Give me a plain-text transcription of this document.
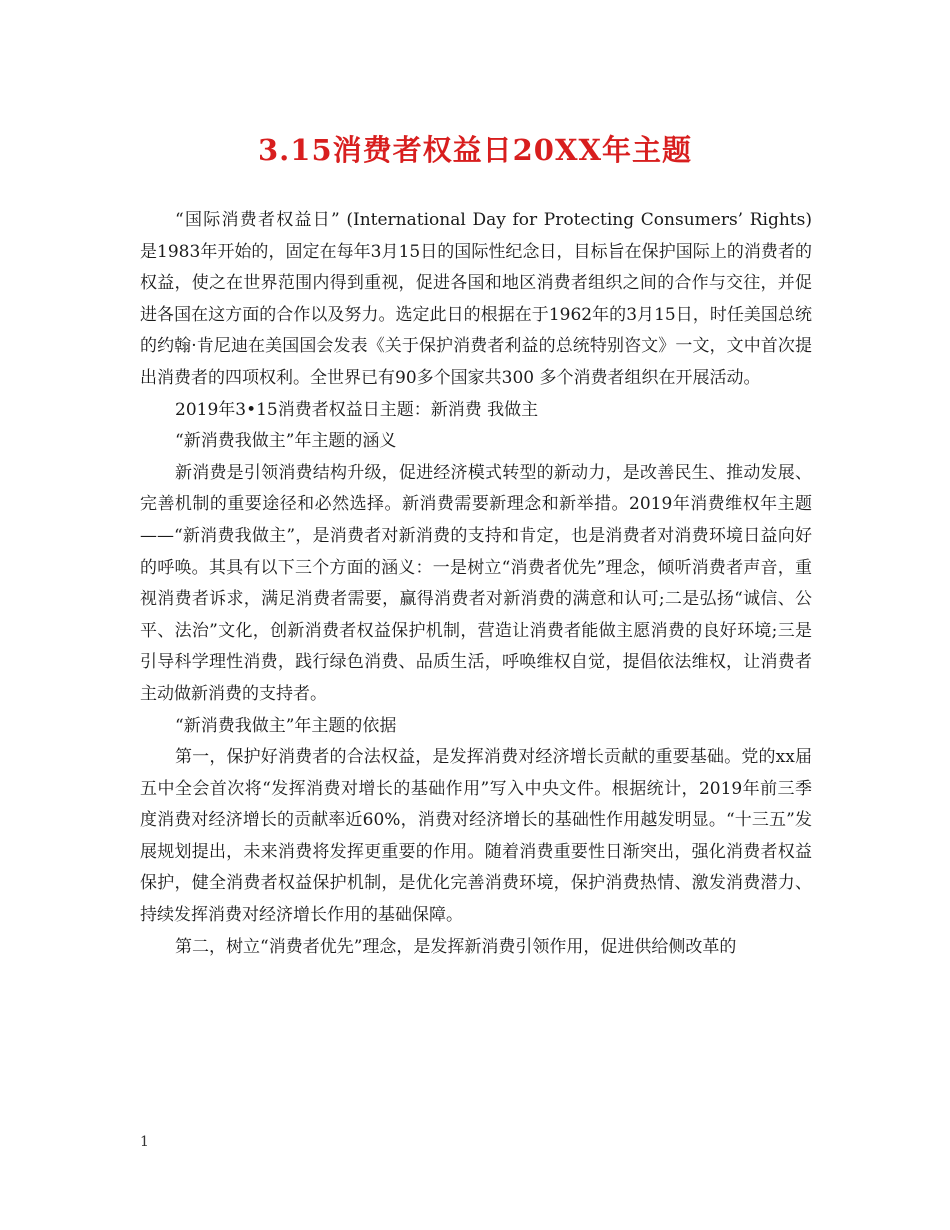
3.15消费者权益日20XX年主题

“国际消费者权益日” (International Day for Protecting Consumers’ Rights) 是1983年开始的，固定在每年3月15日的国际性纪念日，目标旨在保护国际上的消费者的权益，使之在世界范围内得到重视，促进各国和地区消费者组织之间的合作与交往，并促进各国在这方面的合作以及努力。选定此日的根据在于1962年的3月15日，时任美国总统的约翰·肯尼迪在美国国会发表《关于保护消费者利益的总统特别咨文》一文，文中首次提出消费者的四项权利。全世界已有90多个国家共300 多个消费者组织在开展活动。

2019年3•15消费者权益日主题：新消费 我做主

“新消费我做主”年主题的涵义

新消费是引领消费结构升级，促进经济模式转型的新动力，是改善民生、推动发展、完善机制的重要途径和必然选择。新消费需要新理念和新举措。2019年消费维权年主题——“新消费我做主”，是消费者对新消费的支持和肯定，也是消费者对消费环境日益向好的呼唤。其具有以下三个方面的涵义：一是树立“消费者优先”理念，倾听消费者声音，重视消费者诉求，满足消费者需要，赢得消费者对新消费的满意和认可;二是弘扬“诚信、公平、法治”文化，创新消费者权益保护机制，营造让消费者能做主愿消费的良好环境;三是引导科学理性消费，践行绿色消费、品质生活，呼唤维权自觉，提倡依法维权，让消费者主动做新消费的支持者。

“新消费我做主”年主题的依据

第一，保护好消费者的合法权益，是发挥消费对经济增长贡献的重要基础。党的xx届五中全会首次将“发挥消费对增长的基础作用”写入中央文件。根据统计，2019年前三季度消费对经济增长的贡献率近60%，消费对经济增长的基础性作用越发明显。“十三五”发展规划提出，未来消费将发挥更重要的作用。随着消费重要性日渐突出，强化消费者权益保护，健全消费者权益保护机制，是优化完善消费环境，保护消费热情、激发消费潜力、持续发挥消费对经济增长作用的基础保障。

第二，树立“消费者优先”理念，是发挥新消费引领作用，促进供给侧改革的

1
